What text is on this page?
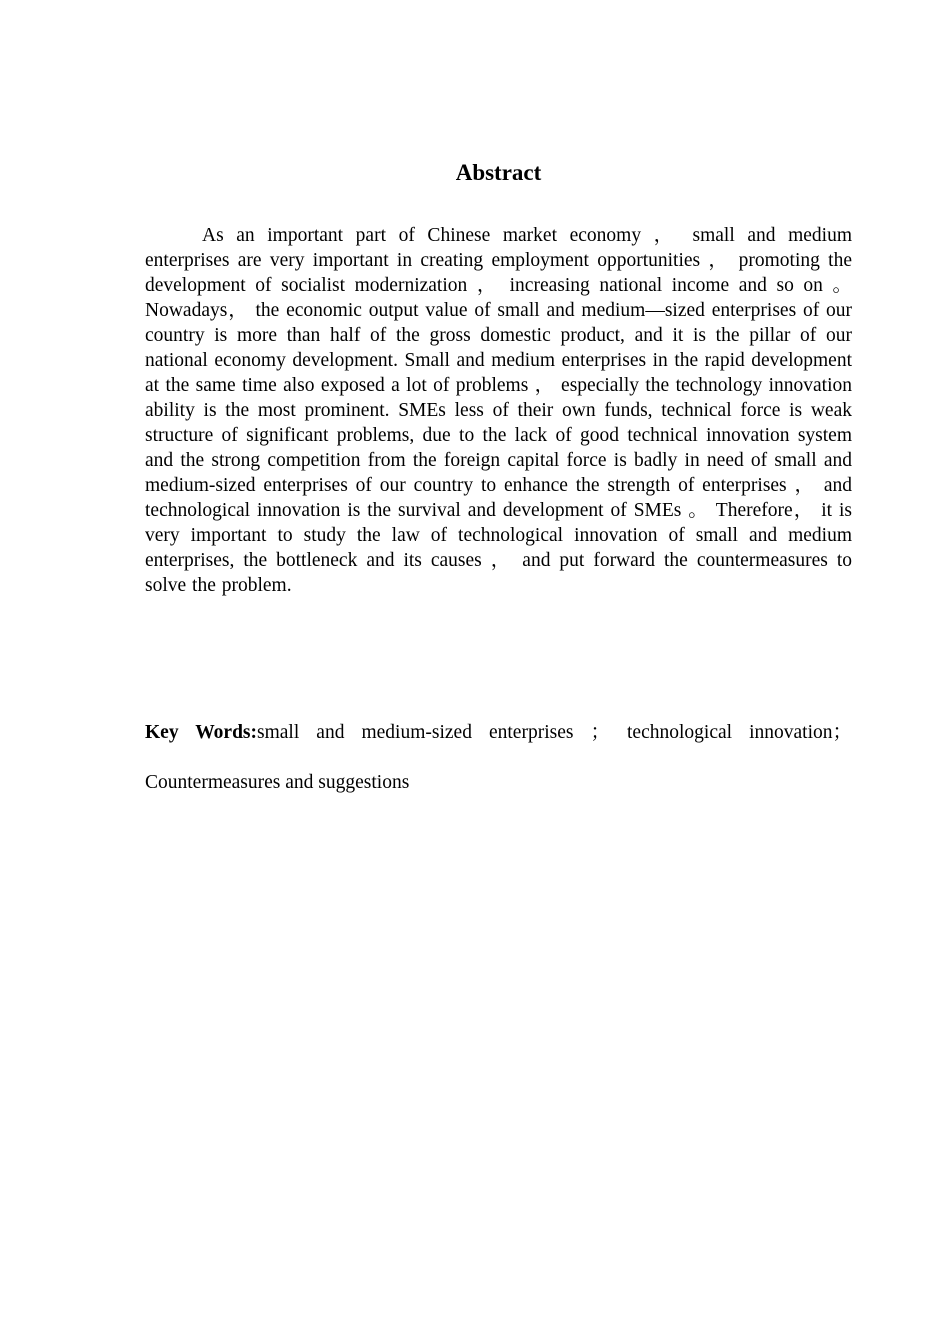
Abstract

As an important part of Chinese market economy ， small and medium enterprises are very important in creating employment opportunities ， promoting the development of socialist modernization ， increasing national income and so on 。 Nowadays， the economic output value of small and medium—sized enterprises of our country is more than half of the gross domestic product, and it is the pillar of our national economy development. Small and medium enterprises in the rapid development at the same time also exposed a lot of problems ， especially the technology innovation ability is the most prominent. SMEs less of their own funds, technical force is weak structure of significant problems, due to the lack of good technical innovation system and the strong competition from the foreign capital force is badly in need of small and medium-sized enterprises of our country to enhance the strength of enterprises ， and technological innovation is the survival and development of SMEs 。 Therefore， it is very important to study the law of technological innovation of small and medium enterprises, the bottleneck and its causes ， and put forward the countermeasures to solve the problem.

Key Words:small and medium-sized enterprises ； technological innovation； Countermeasures and suggestions
